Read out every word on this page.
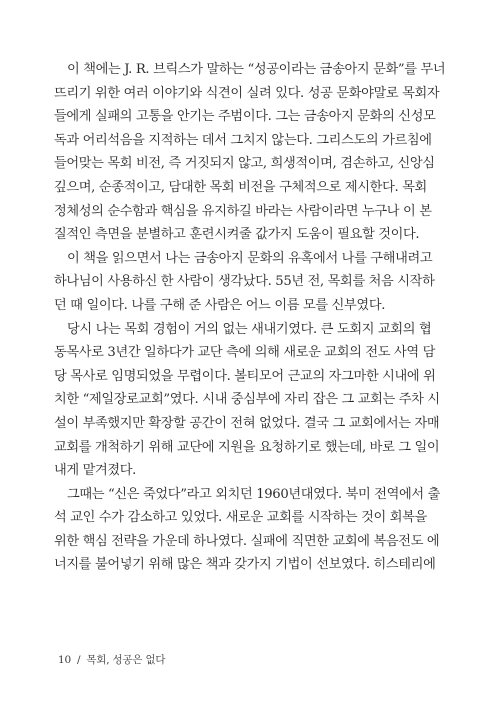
이 책에는 J. R. 브릭스가 말하는 “성공이라는 금송아지 문화”를 무너
뜨리기 위한 여러 이야기와 식견이 실려 있다. 성공 문화야말로 목회자
들에게 실패의 고통을 안기는 주범이다. 그는 금송아지 문화의 신성모
독과 어리석음을 지적하는 데서 그치지 않는다. 그리스도의 가르침에
들어맞는 목회 비전, 즉 거짓되지 않고, 희생적이며, 겸손하고, 신앙심
깊으며, 순종적이고, 담대한 목회 비전을 구체적으로 제시한다. 목회
정체성의 순수함과 핵심을 유지하길 바라는 사람이라면 누구나 이 본
질적인 측면을 분별하고 훈련시켜줄 값가지 도움이 필요할 것이다.
이 책을 읽으면서 나는 금송아지 문화의 유혹에서 나를 구해내려고
하나님이 사용하신 한 사람이 생각났다. 55년 전, 목회를 처음 시작하
던 때 일이다. 나를 구해 준 사람은 어느 이름 모를 신부였다.
당시 나는 목회 경험이 거의 없는 새내기였다. 큰 도회지 교회의 협
동목사로 3년간 일하다가 교단 측에 의해 새로운 교회의 전도 사역 담
당 목사로 임명되었을 무렵이다. 볼티모어 근교의 자그마한 시내에 위
치한 “제일장로교회”였다. 시내 중심부에 자리 잡은 그 교회는 주차 시
설이 부족했지만 확장할 공간이 전혀 없었다. 결국 그 교회에서는 자매
교회를 개척하기 위해 교단에 지원을 요청하기로 했는데, 바로 그 일이
내게 맡겨졌다.
그때는 “신은 죽었다”라고 외치던 1960년대였다. 북미 전역에서 출
석 교인 수가 감소하고 있었다. 새로운 교회를 시작하는 것이 회복을
위한 핵심 전략을 가운데 하나였다. 실패에 직면한 교회에 복음전도 에
너지를 불어넣기 위해 많은 책과 갖가지 기법이 선보였다. 히스테리에
10 / 목회, 성공은 없다
